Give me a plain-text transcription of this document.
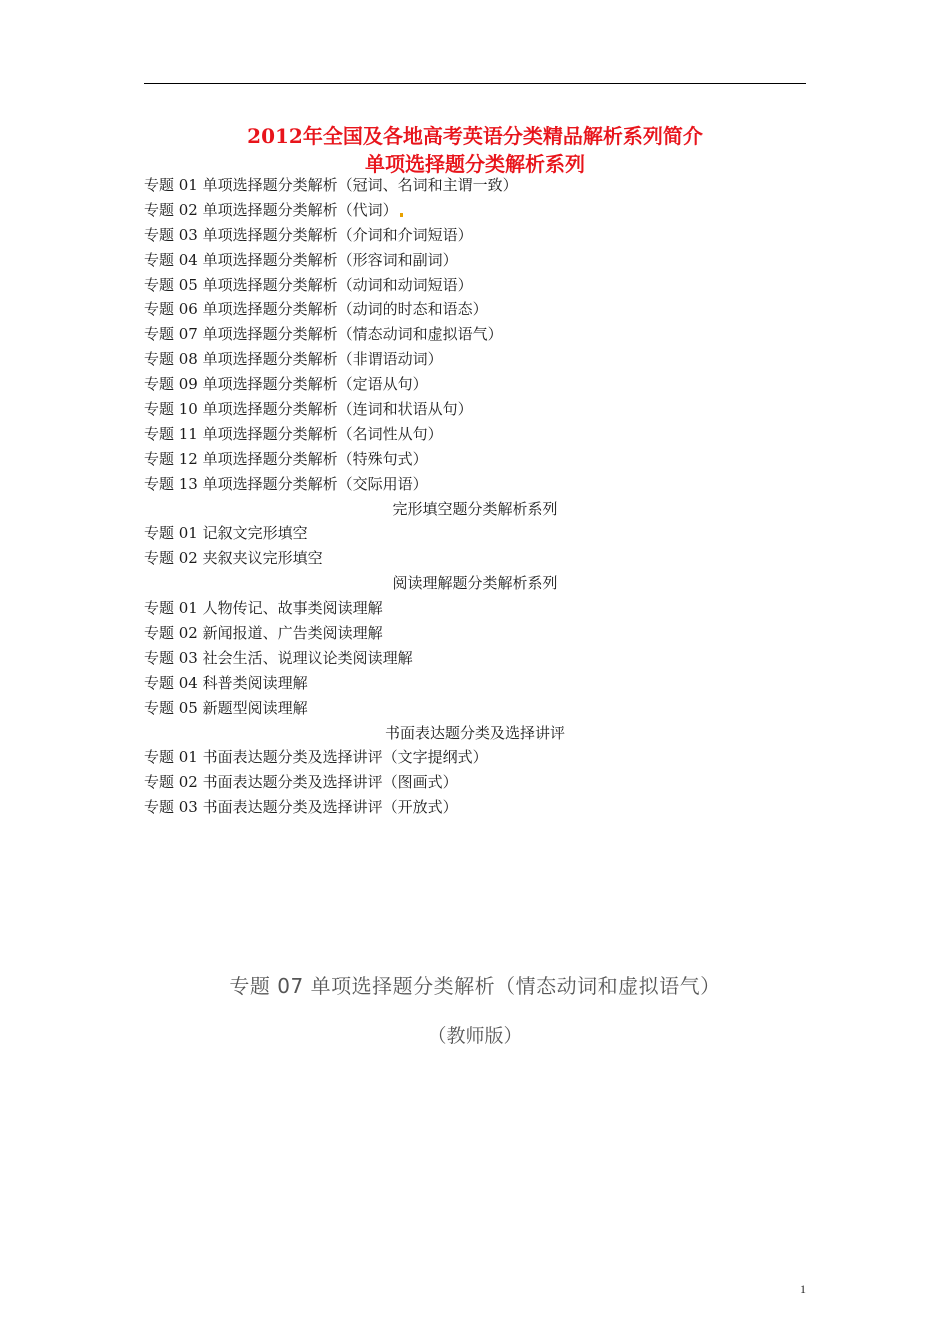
2012年全国及各地高考英语分类精品解析系列简介
单项选择题分类解析系列
专题 01 单项选择题分类解析（冠词、名词和主谓一致）
专题 02 单项选择题分类解析（代词）
专题 03 单项选择题分类解析（介词和介词短语）
专题 04 单项选择题分类解析（形容词和副词）
专题 05 单项选择题分类解析（动词和动词短语）
专题 06 单项选择题分类解析（动词的时态和语态）
专题 07 单项选择题分类解析（情态动词和虚拟语气）
专题 08 单项选择题分类解析（非谓语动词）
专题 09 单项选择题分类解析（定语从句）
专题 10 单项选择题分类解析（连词和状语从句）
专题 11 单项选择题分类解析（名词性从句）
专题 12 单项选择题分类解析（特殊句式）
专题 13 单项选择题分类解析（交际用语）
完形填空题分类解析系列
专题 01 记叙文完形填空
专题 02 夹叙夹议完形填空
阅读理解题分类解析系列
专题 01 人物传记、故事类阅读理解
专题 02 新闻报道、广告类阅读理解
专题 03 社会生活、说理议论类阅读理解
专题 04 科普类阅读理解
专题 05 新题型阅读理解
书面表达题分类及选择讲评
专题 01 书面表达题分类及选择讲评（文字提纲式）
专题 02 书面表达题分类及选择讲评（图画式）
专题 03 书面表达题分类及选择讲评（开放式）
专题 07 单项选择题分类解析（情态动词和虚拟语气）
（教师版）
1
